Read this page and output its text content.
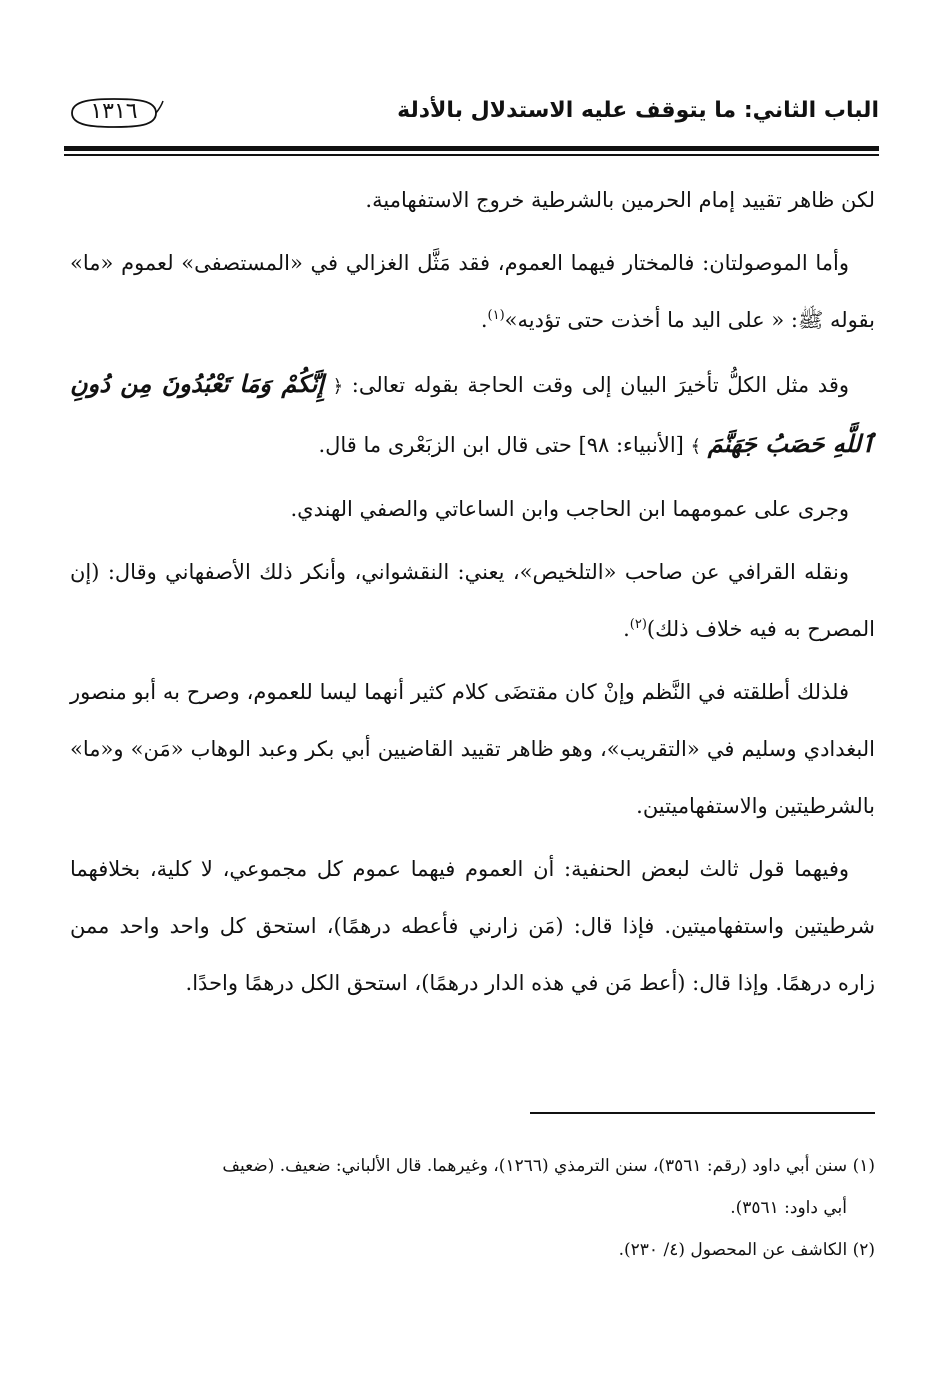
الباب الثاني: ما يتوقف عليه الاستدلال بالأدلة
١٣١٦

لكن ظاهر تقييد إمام الحرمين بالشرطية خروج الاستفهامية.

وأما الموصولتان: فالمختار فيهما العموم، فقد مَثَّل الغزالي في «المستصفى» لعموم «ما» بقوله ﷺ: « على اليد ما أخذت حتى تؤديه»$^{(١)}$.

وقد مثل الكلُّ تأخيرَ البيان إلى وقت الحاجة بقوله تعالى: ﴿ إِنَّكُمْ وَمَا تَعْبُدُونَ مِن دُونِ ٱللَّهِ حَصَبُ جَهَنَّمَ ﴾ [الأنبياء: ٩٨] حتى قال ابن الزبَعْرى ما قال.

وجرى على عمومهما ابن الحاجب وابن الساعاتي والصفي الهندي.

ونقله القرافي عن صاحب «التلخيص»، يعني: النقشواني، وأنكر ذلك الأصفهاني وقال: (إن المصرح به فيه خلاف ذلك)$^{(٢)}$.

فلذلك أطلقته في النَّظم وإنْ كان مقتضَى كلام كثير أنهما ليسا للعموم، وصرح به أبو منصور البغدادي وسليم في «التقريب»، وهو ظاهر تقييد القاضيين أبي بكر وعبد الوهاب «مَن» و«ما» بالشرطيتين والاستفهاميتين.

وفيهما قول ثالث لبعض الحنفية: أن العموم فيهما عموم كل مجموعي، لا كلية، بخلافهما شرطيتين واستفهاميتين. فإذا قال: (مَن زارني فأعطه درهمًا)، استحق كل واحد واحد ممن زاره درهمًا. وإذا قال: (أعط مَن في هذه الدار درهمًا)، استحق الكل درهمًا واحدًا.

(١) سنن أبي داود (رقم: ٣٥٦١)، سنن الترمذي (١٢٦٦)، وغيرهما. قال الألباني: ضعيف. (ضعيف

أبي داود: ٣٥٦١).

(٢) الكاشف عن المحصول (٤/ ٢٣٠).
